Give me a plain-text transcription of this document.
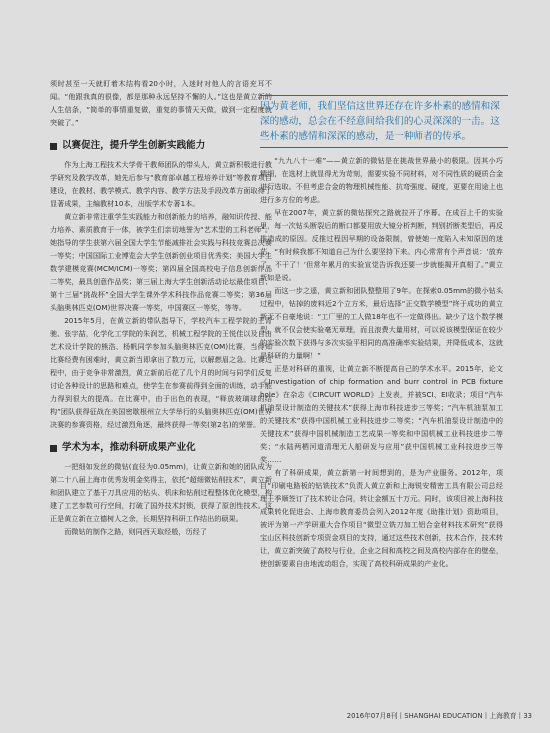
须时甚至一天就盯着木结构看20小时，入迷时对他人的言语充耳不闻。“他跟我真的很像，都是那种永远坚持不懈的人。”这也是黄立新的人生信条，“简单的事情重复做，重复的事情天天做，做到一定程度就突破了。”

以赛促注，提升学生创新实践能力

作为上海工程技术大学骨干教师团队的带头人，黄立新积极进行教学研究及教学改革，她先后参与“教育部卓越工程培养计划”等教育项目建设，在教材、教学模式、教学内容、教学方法及手段改革方面取得了显著成果，主编教材10本，出版学术专著1本。

黄立新非常注重学生实践能力和创新能力的培养，融知识传授、能力培养、素质教育于一体，被学生们亲切地誉为“艺术型的工科老师”。她指导的学生获第六届全国大学生节能减排社会实践与科技竞赛总决赛一等奖；中国国际工业博览会大学生创新创业项目优秀奖；美国大学生数学建模竞赛(MCM/ICM)一等奖；第四届全国高校电子信息创新作品二等奖，最具创意作品奖；第三届上海大学生创新活动论坛最佳项目；第十三届“挑战杯”全国大学生课外学术科技作品竞赛二等奖；第36届头脑奥林匹克(OM)世界决赛一等奖，中国赛区一等奖，等等。

2015年5月，在黄立新的带队指导下，学校汽车工程学院的王青驰、张宇喆，化学化工学院的朱润艺，机械工程学院的王悦佳以及自由艺术设计学院的熊浩、杨帆同学参加头脑奥林匹克(OM)比赛，当得知比赛经费有困难时，黄立新当即拿出了数万元，以解燃眉之急。比赛过程中，由于竞争非常激烈，黄立新前后花了几个月的时间与同学们反复讨论各种设计的思路和难点，使学生在参赛前得到全面的训练，动手能力得到很大的提高。在比赛中，由于出色的表现，“释放玻璃球的结构”团队获得征战在美国密歇根州立大学举行的头脑奥林匹克(OM)世界决赛的参赛资格，经过激烈角逐，最终获得一等奖(第2名)的荣誉。

学术为本，推动科研成果产业化

一把细如发丝的微钻(直径为0.05mm)，让黄立新和她的团队成为第二十八届上海市优秀发明金奖得主，依托“超细微钻削技术”，黄立新和团队建立了基于刀具应用的钻头、机床和钻削过程整体优化模型，构建了工艺参数可行空间，打破了国外技术封锁，获得了原创性技术。这正是黄立新在立德树人之余，长期坚持科研工作结出的硕果。

而微钻的制作之路，则同西天取经般，历经了

因为黄老师，我们坚信这世界还存在许多朴素的感情和深深的感动，总会在不经意间给我们的心灵深深的一击。这些朴素的感情和深深的感动，是一种师者的传承。

“九九八十一难”——黄立新的微钻是在挑战世界最小的极限。因其小巧精细，在选材上就显得尤为苛刻，需要实验不同材料，对不同性质的硬质合金进行选取。不但考虑合金的物理机械性能、抗弯强度、硬度，更要在用途上也进行多方位的考虑。

早在2007年，黄立新的微钻探究之路就拉开了序幕。在成百上千的实验里，每一次钻头断裂后的断口都要用放大镜分析判断，判别折断类型后，再反推造成的原因。反推过程因早期的设备限制，曾使她一度陷入未知原因的迷茫，“有时候我都不知道自己为什么要坚持下来。内心常常有个声音说：‘放弃了，不干了！’但常年累月的实验宣觉告诉我还要一步就能揭开真相了。”黄立新如是说。

而这一步之遥，黄立新和团队整整用了9年。在探索0.05mm的微小钻头过程中，钻掉的废料近2个立方米，最后选择“正交数学模型”终于成功的黄立新无不自豪地说：“工厂里的工人做18年也不一定做得出。缺少了这个数学模型，就不仅会使实验毫无章理，而且浪费大量用材，可以说该模型保证在较少的实验次数下获得与多次实验平相同的高准确率实验结果，并降低成本，这就是科研的力量啊！”

正是对科研的重视，让黄立新不断提高自己的学术水平。2015年，论文《Investigation of chip formation and burr control in PCB fixture hole》在杂志《CIRCUIT WORLD》上发表，并被SCI、EI收录；项目“汽车机油泵设计制造的关键技术”获得上海市科技进步三等奖；“汽车机油泵加工的关键技术”获得中国机械工业科技进步二等奖；“汽车机油泵设计制造中的关键技术”获得中国机械制造工艺成果一等奖和中国机械工业科技进步二等奖；“水陆两栖河道清理无人船研发与应用”获中国机械工业科技进步三等奖……

有了科研成果，黄立新第一时间想到的，是为产业服务。2012年，项目“印刷电路板的钻铣技术”负责人黄立新和上海锐安精密工具有限公司总经理王季顺签订了技术转让合同，转让金额五十万元。同时，该项目被上海科技成果转化促进会、上海市教育委员会列入2012年度《助推计划》资助项目，被评为第一产学研重大合作项目“微型立铣刀加工铝合金材料技术研究”获得宝山区科技创新专项资金项目的支持，通过这些技术创新，技术合作，技术转让，黄立新突破了高校与行业，企业之间和高校之间及高校内部存在的壁垒，使创新要素自由地流动组合，实现了高校科研成果的产业化。

2016年07月8刊丨SHANGHAI EDUCATION丨上海教育丨33
